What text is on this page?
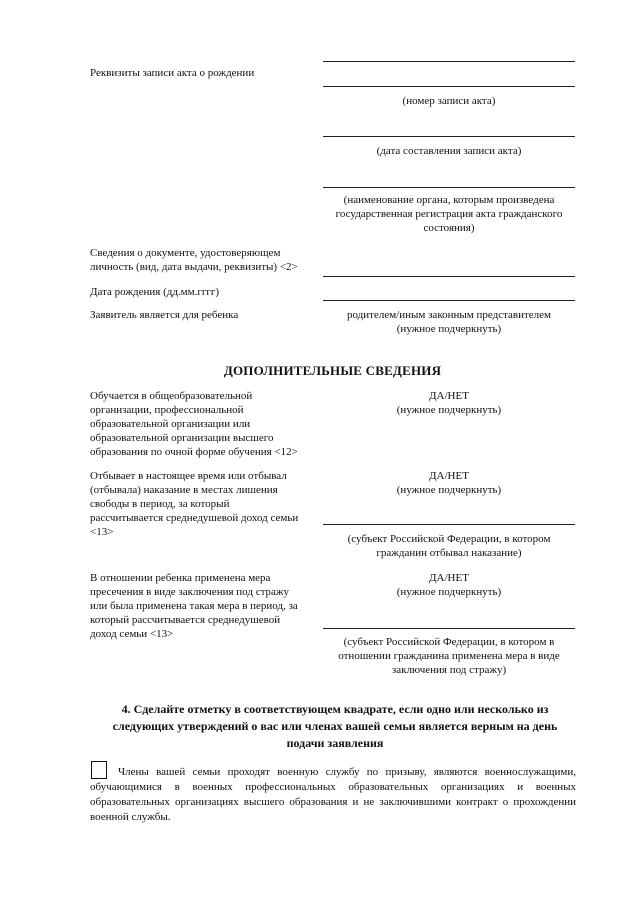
Реквизиты записи акта о рождении
(номер записи акта)
(дата составления записи акта)
(наименование органа, которым произведена государственная регистрация акта гражданского состояния)
Сведения о документе, удостоверяющем личность (вид, дата выдачи, реквизиты) <2>
Дата рождения (дд.мм.гггг)
Заявитель является для ребенка	родителем/иным законным представителем
(нужное подчеркнуть)
ДОПОЛНИТЕЛЬНЫЕ СВЕДЕНИЯ
Обучается в общеобразовательной организации, профессиональной образовательной организации или образовательной организации высшего образования по очной форме обучения <12>
ДА/НЕТ
(нужное подчеркнуть)
Отбывает в настоящее время или отбывал (отбывала) наказание в местах лишения свободы в период, за который рассчитывается среднедушевой доход семьи <13>
ДА/НЕТ
(нужное подчеркнуть)
(субъект Российской Федерации, в котором гражданин отбывал наказание)
В отношении ребенка применена мера пресечения в виде заключения под стражу или была применена такая мера в период, за который рассчитывается среднедушевой доход семьи <13>
ДА/НЕТ
(нужное подчеркнуть)
(субъект Российской Федерации, в котором в отношении гражданина применена мера в виде заключения под стражу)
4. Сделайте отметку в соответствующем квадрате, если одно или несколько из следующих утверждений о вас или членах вашей семьи является верным на день подачи заявления
Члены вашей семьи проходят военную службу по призыву, являются военнослужащими, обучающимися в военных профессиональных образовательных организациях и военных образовательных организациях высшего образования и не заключившими контракт о прохождении военной службы.
